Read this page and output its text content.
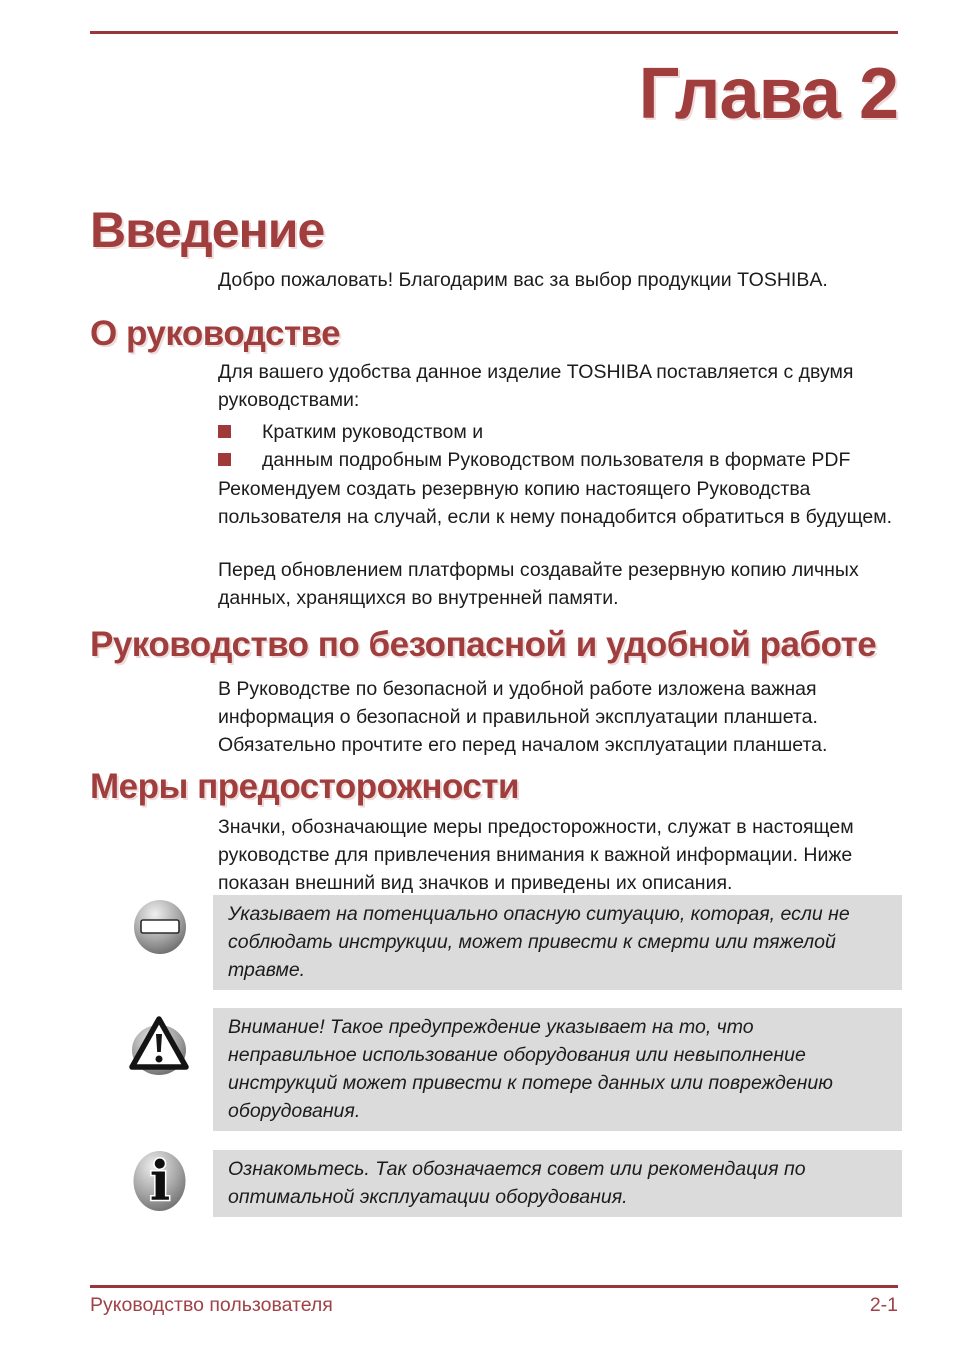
Глава 2
Введение

Добро пожаловать! Благодарим вас за выбор продукции TOSHIBA.

О руководстве

Для вашего удобства данное изделие TOSHIBA поставляется с двумя руководствами:

Кратким руководством и
данным подробным Руководством пользователя в формате PDF

Рекомендуем создать резервную копию настоящего Руководства пользователя на случай, если к нему понадобится обратиться в будущем.

Перед обновлением платформы создавайте резервную копию личных данных, хранящихся во внутренней памяти.

Руководство по безопасной и удобной работе

В Руководстве по безопасной и удобной работе изложена важная информация о безопасной и правильной эксплуатации планшета. Обязательно прочтите его перед началом эксплуатации планшета.

Меры предосторожности

Значки, обозначающие меры предосторожности, служат в настоящем руководстве для привлечения внимания к важной информации. Ниже показан внешний вид значков и приведены их описания.

Указывает на потенциально опасную ситуацию, которая, если не соблюдать инструкции, может привести к смерти или тяжелой травме.
Внимание! Такое предупреждение указывает на то, что неправильное использование оборудования или невыполнение инструкций может привести к потере данных или повреждению оборудования.
i	Ознакомьтесь. Так обозначается совет или рекомендация по оптимальной эксплуатации оборудования.
Руководство пользователя	2-1
